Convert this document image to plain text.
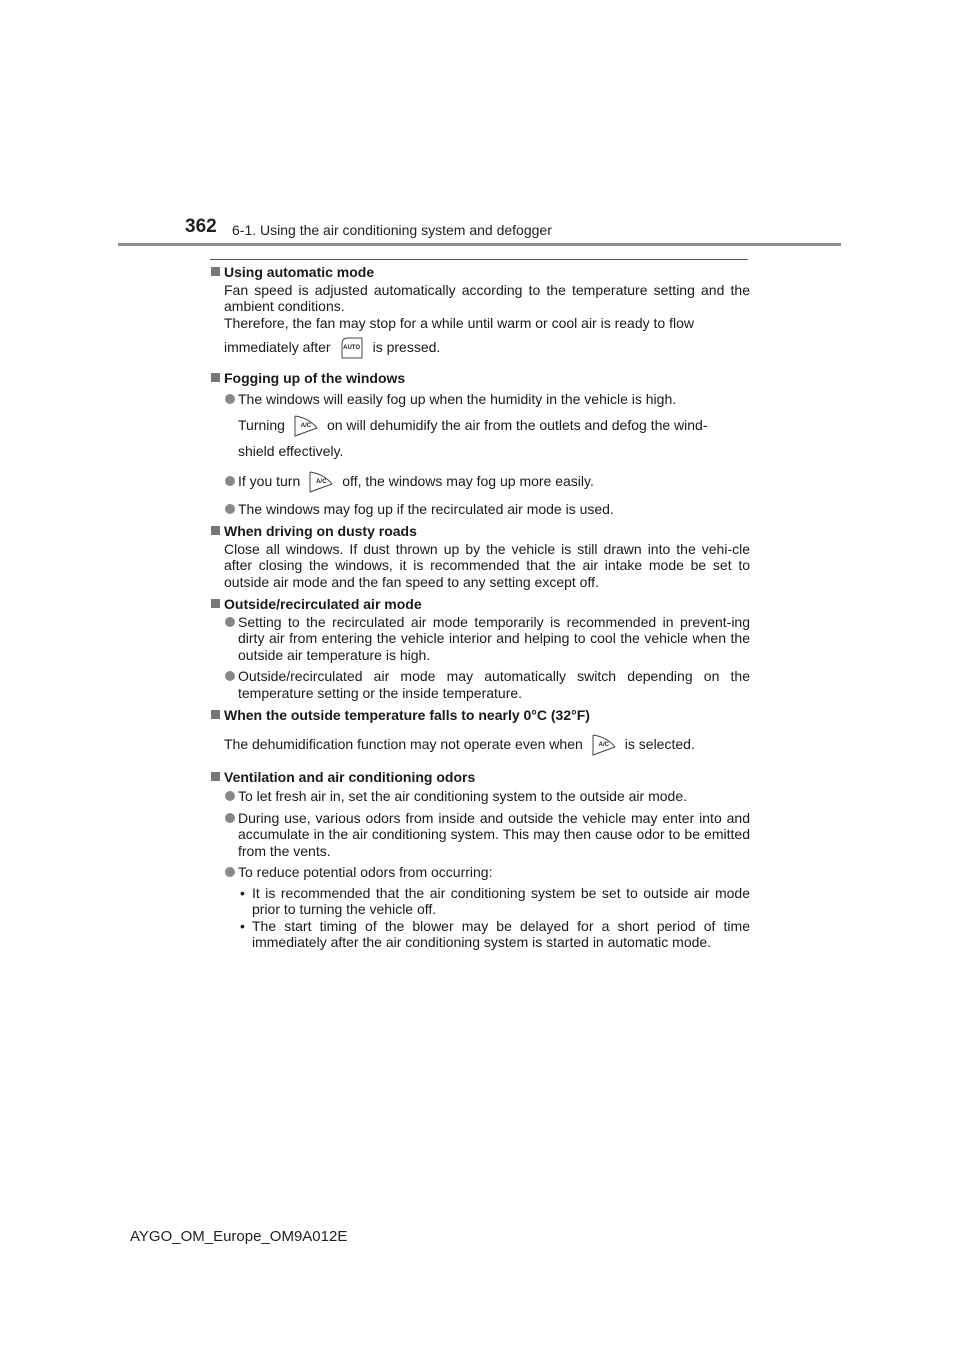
362 6-1. Using the air conditioning system and defogger
Using automatic mode
Fan speed is adjusted automatically according to the temperature setting and the ambient conditions.
Therefore, the fan may stop for a while until warm or cool air is ready to flow
immediately after	AUTO is pressed.
Fogging up of the windows
The windows will easily fog up when the humidity in the vehicle is high.
Turning	A/C	on will dehumidify the air from the outlets and defog the wind-
shield effectively.
If you turn	A/C	off, the windows may fog up more easily.
The windows may fog up if the recirculated air mode is used.
When driving on dusty roads
Close all windows. If dust thrown up by the vehicle is still drawn into the vehi-cle after closing the windows, it is recommended that the air intake mode be set to outside air mode and the fan speed to any setting except off.
Outside/recirculated air mode
Setting to the recirculated air mode temporarily is recommended in prevent-ing dirty air from entering the vehicle interior and helping to cool the vehicle when the outside air temperature is high.
Outside/recirculated air mode may automatically switch depending on the temperature setting or the inside temperature.
When the outside temperature falls to nearly 0°C (32°F)
The dehumidification function may not operate even when	A/C	is selected.
Ventilation and air conditioning odors
To let fresh air in, set the air conditioning system to the outside air mode.
During use, various odors from inside and outside the vehicle may enter into and accumulate in the air conditioning system. This may then cause odor to be emitted from the vents.
To reduce potential odors from occurring:
• It is recommended that the air conditioning system be set to outside air mode prior to turning the vehicle off.
• The start timing of the blower may be delayed for a short period of time immediately after the air conditioning system is started in automatic mode.
AYGO_OM_Europe_OM9A012E
